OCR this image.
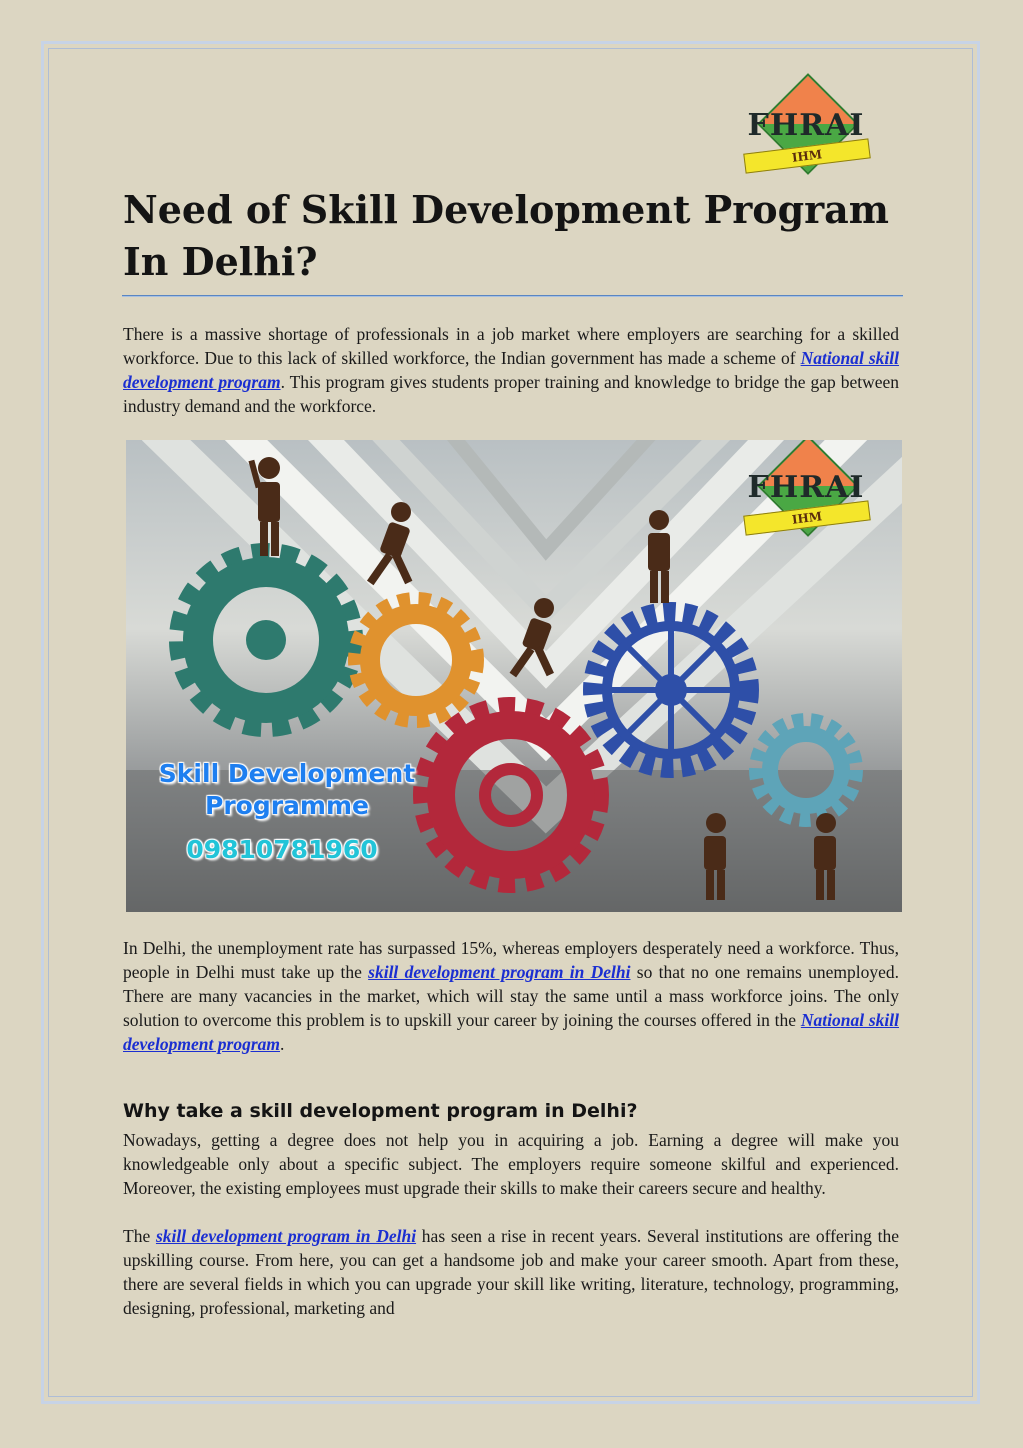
FHRAI
IHM
Need of Skill Development Program In Delhi?

There is a massive shortage of professionals in a job market where employers are searching for a skilled workforce. Due to this lack of skilled workforce, the Indian government has made a scheme of National skill development program. This program gives students proper training and knowledge to bridge the gap between industry demand and the workforce.

FHRAI
IHM
Skill Development
Programme
09810781960

In Delhi, the unemployment rate has surpassed 15%, whereas employers desperately need a workforce. Thus, people in Delhi must take up the skill development program in Delhi so that no one remains unemployed. There are many vacancies in the market, which will stay the same until a mass workforce joins. The only solution to overcome this problem is to upskill your career by joining the courses offered in the National skill development program.

Why take a skill development program in Delhi?

Nowadays, getting a degree does not help you in acquiring a job. Earning a degree will make you knowledgeable only about a specific subject. The employers require someone skilful and experienced. Moreover, the existing employees must upgrade their skills to make their careers secure and healthy.

The skill development program in Delhi has seen a rise in recent years. Several institutions are offering the upskilling course. From here, you can get a handsome job and make your career smooth. Apart from these, there are several fields in which you can upgrade your skill like writing, literature, technology, programming, designing, professional, marketing and
